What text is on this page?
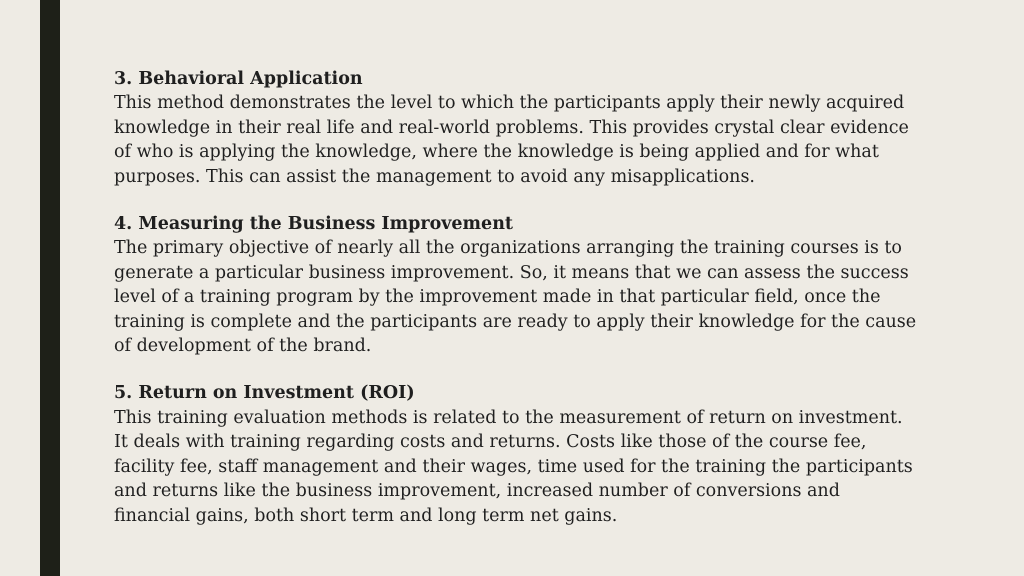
3. Behavioral Application

This method demonstrates the level to which the participants apply their newly acquired

knowledge in their real life and real-world problems. This provides crystal clear evidence

of who is applying the knowledge, where the knowledge is being applied and for what

purposes. This can assist the management to avoid any misapplications.

4. Measuring the Business Improvement

The primary objective of nearly all the organizations arranging the training courses is to

generate a particular business improvement. So, it means that we can assess the success

level of a training program by the improvement made in that particular field, once the

training is complete and the participants are ready to apply their knowledge for the cause

of development of the brand.

5. Return on Investment (ROI)

This training evaluation methods is related to the measurement of return on investment.

It deals with training regarding costs and returns. Costs like those of the course fee,

facility fee, staff management and their wages, time used for the training the participants

and returns like the business improvement, increased number of conversions and

financial gains, both short term and long term net gains.
